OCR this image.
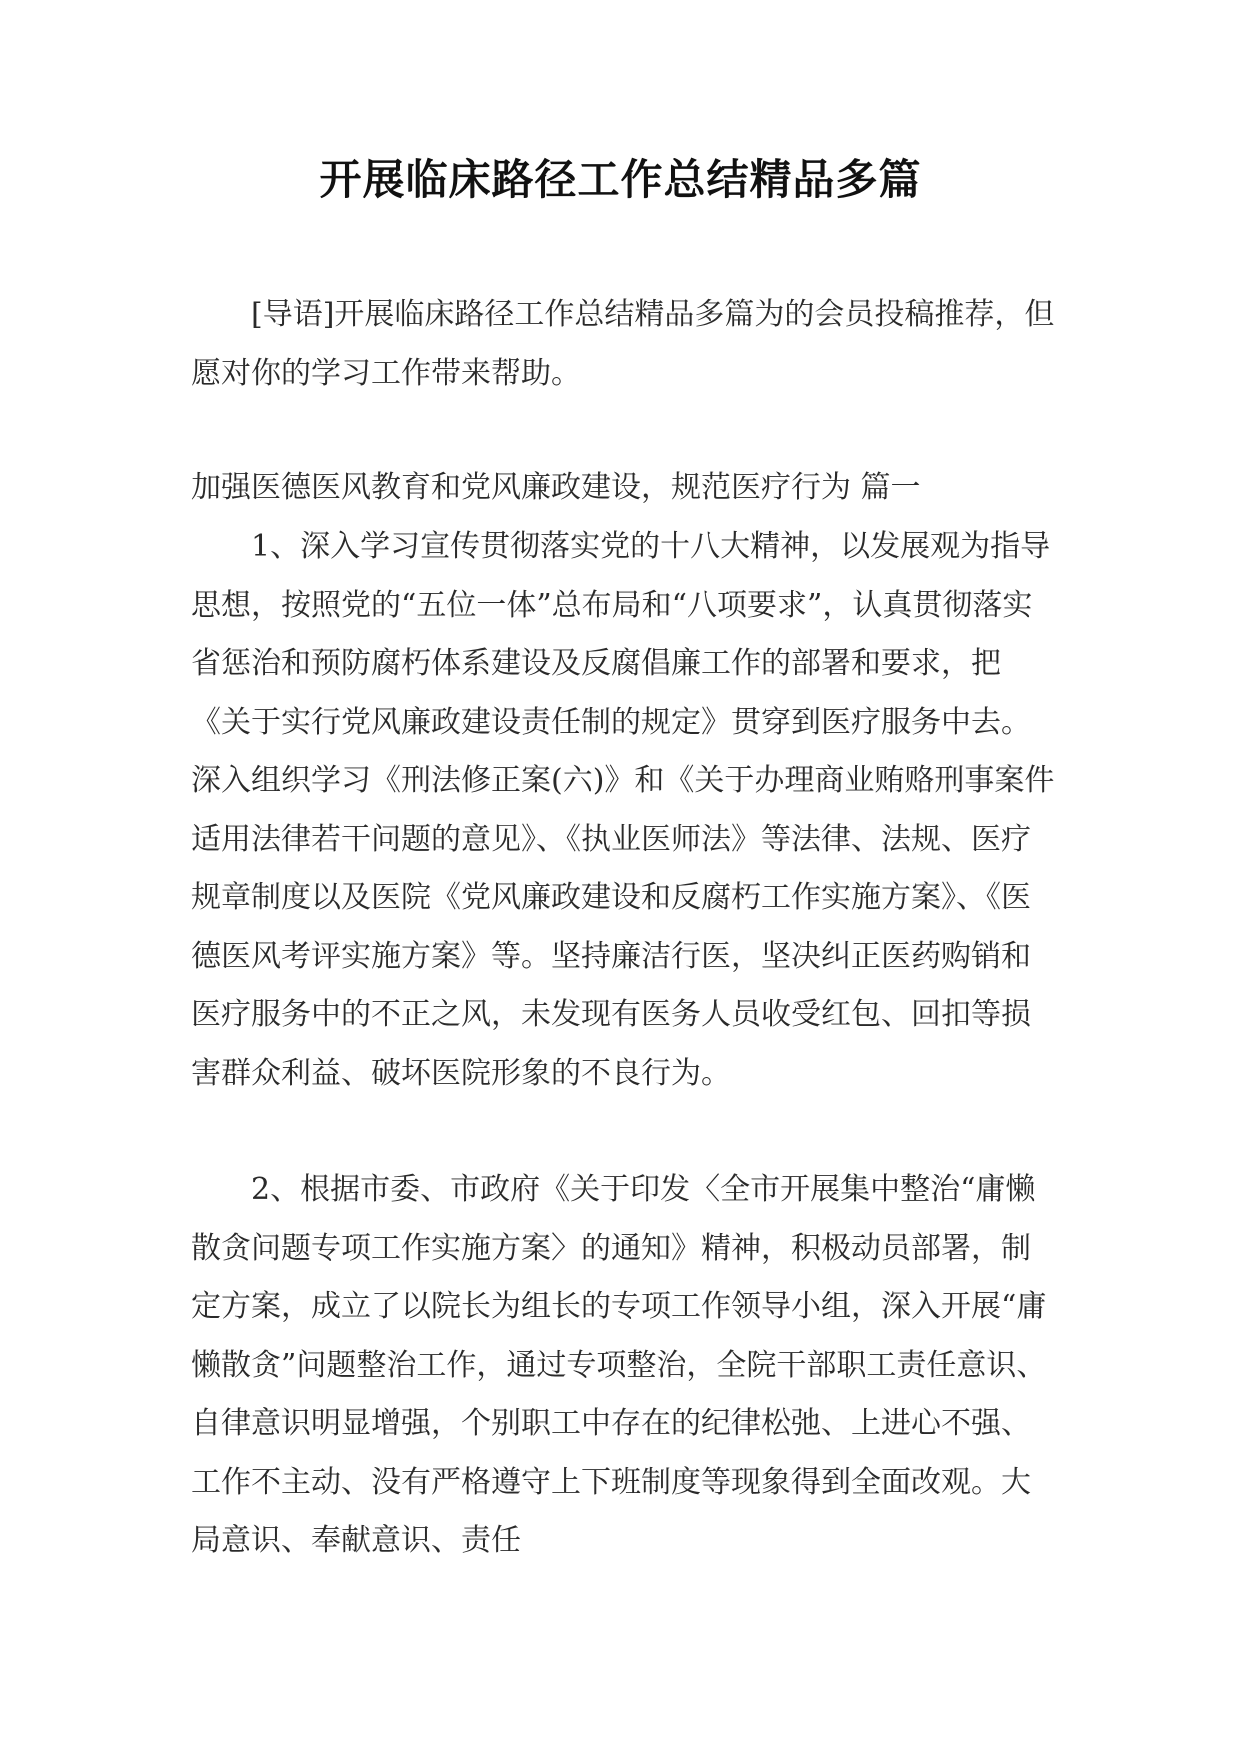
开展临床路径工作总结精品多篇

[导语]开展临床路径工作总结精品多篇为的会员投稿推荐，但愿对你的学习工作带来帮助。

加强医德医风教育和党风廉政建设，规范医疗行为 篇一

1、深入学习宣传贯彻落实党的十八大精神，以发展观为指导思想，按照党的“五位一体”总布局和“八项要求”，认真贯彻落实省惩治和预防腐朽体系建设及反腐倡廉工作的部署和要求，把《关于实行党风廉政建设责任制的规定》贯穿到医疗服务中去。深入组织学习《刑法修正案(六)》和《关于办理商业贿赂刑事案件适用法律若干问题的意见》、《执业医师法》等法律、法规、医疗规章制度以及医院《党风廉政建设和反腐朽工作实施方案》、《医德医风考评实施方案》等。坚持廉洁行医，坚决纠正医药购销和医疗服务中的不正之风，未发现有医务人员收受红包、回扣等损害群众利益、破坏医院形象的不良行为。

2、根据市委、市政府《关于印发〈全市开展集中整治“庸懒散贪问题专项工作实施方案〉的通知》精神，积极动员部署，制定方案，成立了以院长为组长的专项工作领导小组，深入开展“庸懒散贪”问题整治工作，通过专项整治，全院干部职工责任意识、自律意识明显增强，个别职工中存在的纪律松弛、上进心不强、工作不主动、没有严格遵守上下班制度等现象得到全面改观。大局意识、奉献意识、责任
